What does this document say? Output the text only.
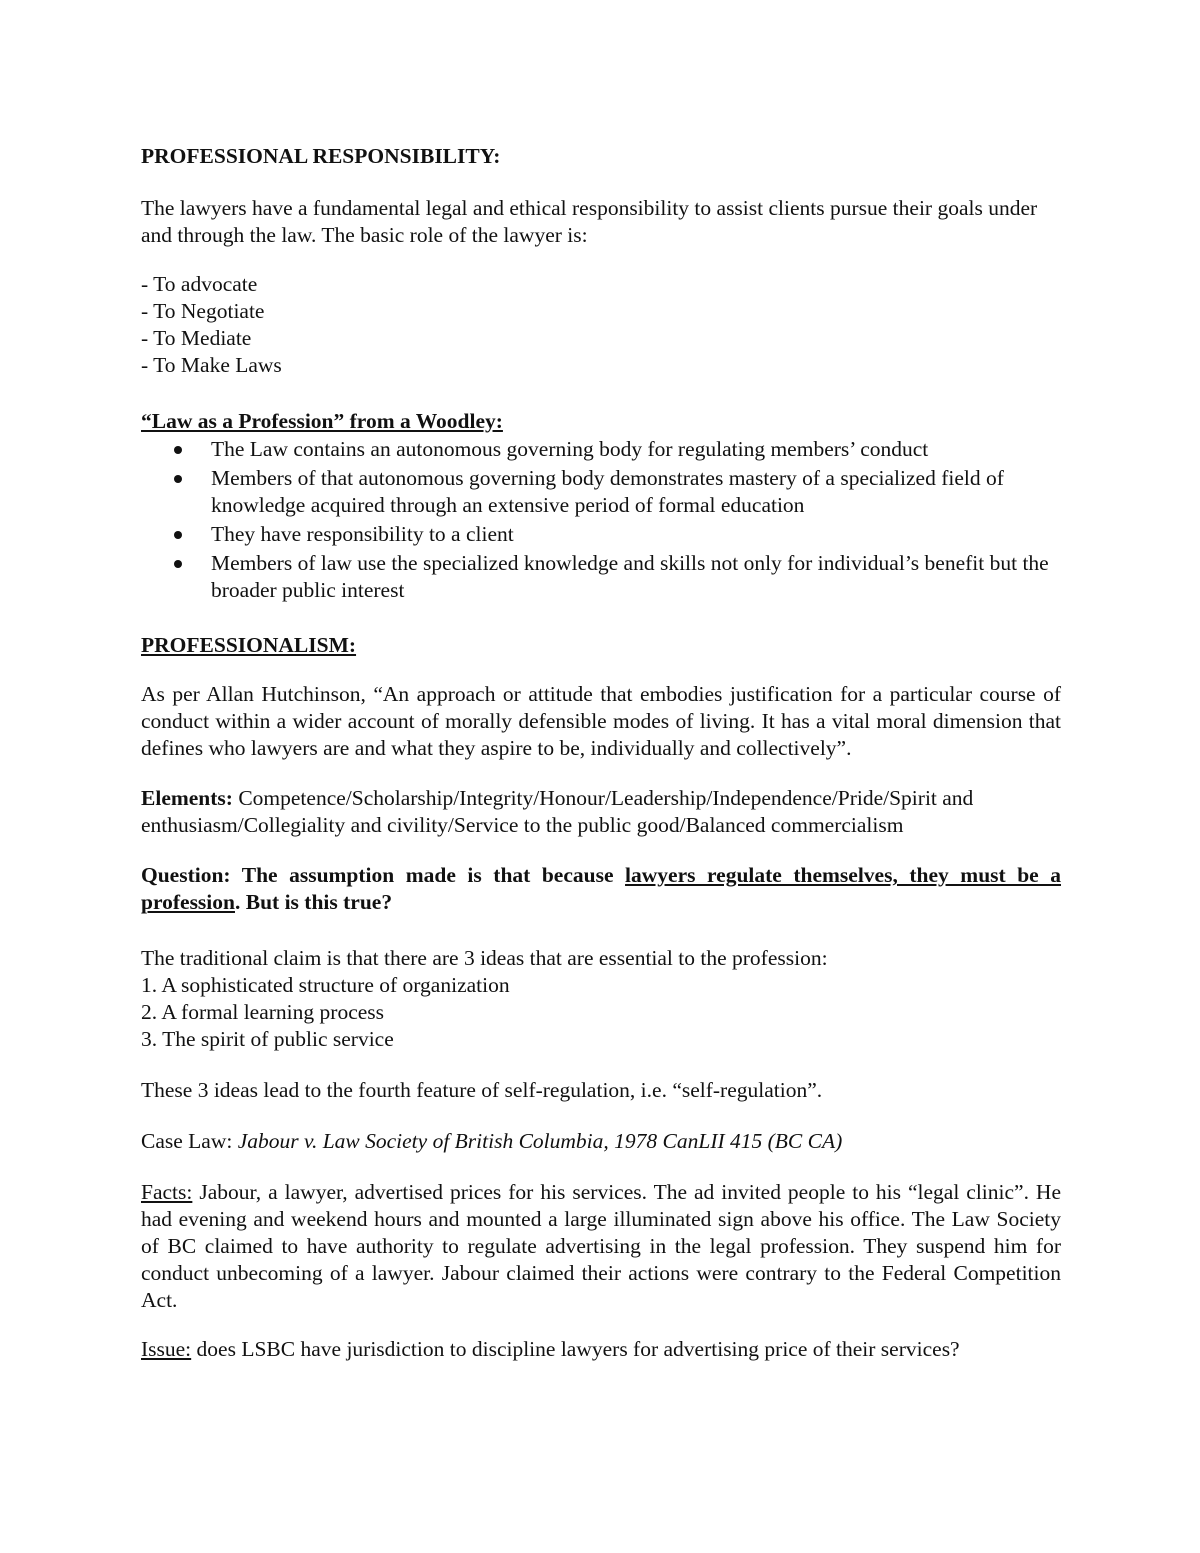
PROFESSIONAL RESPONSIBILITY:
The lawyers have a fundamental legal and ethical responsibility to assist clients pursue their goals under and through the law. The basic role of the lawyer is:
- To advocate
- To Negotiate
- To Mediate
- To Make Laws
“Law as a Profession” from a Woodley:
The Law contains an autonomous governing body for regulating members’ conduct
Members of that autonomous governing body demonstrates mastery of a specialized field of knowledge acquired through an extensive period of formal education
They have responsibility to a client
Members of law use the specialized knowledge and skills not only for individual’s benefit but the broader public interest
PROFESSIONALISM:
As per Allan Hutchinson, “An approach or attitude that embodies justification for a particular course of conduct within a wider account of morally defensible modes of living. It has a vital moral dimension that defines who lawyers are and what they aspire to be, individually and collectively”.
Elements: Competence/Scholarship/Integrity/Honour/Leadership/Independence/Pride/Spirit and enthusiasm/Collegiality and civility/Service to the public good/Balanced commercialism
Question: The assumption made is that because lawyers regulate themselves, they must be a profession. But is this true?
The traditional claim is that there are 3 ideas that are essential to the profession:
1. A sophisticated structure of organization
2. A formal learning process
3. The spirit of public service
These 3 ideas lead to the fourth feature of self-regulation, i.e. “self-regulation”.
Case Law: Jabour v. Law Society of British Columbia, 1978 CanLII 415 (BC CA)
Facts: Jabour, a lawyer, advertised prices for his services. The ad invited people to his “legal clinic”. He had evening and weekend hours and mounted a large illuminated sign above his office. The Law Society of BC claimed to have authority to regulate advertising in the legal profession. They suspend him for conduct unbecoming of a lawyer. Jabour claimed their actions were contrary to the Federal Competition Act.
Issue: does LSBC have jurisdiction to discipline lawyers for advertising price of their services?
